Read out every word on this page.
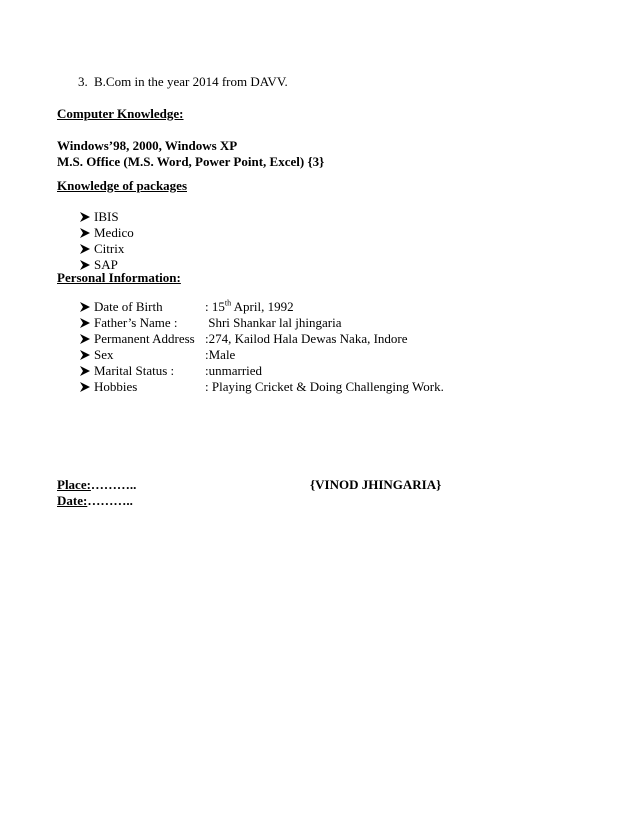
3. B.Com in the year 2014 from DAVV.
Computer Knowledge:
Windows’98, 2000, Windows XP
M.S. Office (M.S. Word, Power Point, Excel) {3}
Knowledge of packages
IBIS
Medico
Citrix
SAP
Personal Information:
Date of Birth	: 15th April, 1992
Father’s Name : Shri Shankar lal jhingaria
Permanent Address :274, Kailod Hala Dewas Naka, Indore
Sex	:Male
Marital Status : :unmarried
Hobbies	: Playing Cricket & Doing Challenging Work.
Place:………..	{VINOD JHINGARIA}
Date:………..
